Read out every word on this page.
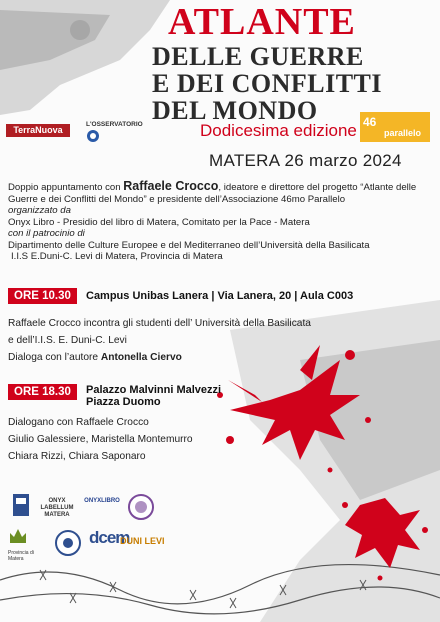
ATLANTE
DELLE GUERRE
E DEI CONFLITTI
DEL MONDO
Dodicesima edizione
TerraNuova
L'OSSERVATORIO	46
parallelo
MATERA 26 marzo 2024

Doppio appuntamento con Raffaele Crocco, ideatore e direttore del progetto “Atlante delle

Guerre e dei Conflitti del Mondo” e presidente dell’Associazione 46mo Parallelo

organizzato da

Onyx Libro - Presidio del libro di Matera, Comitato per la Pace - Matera

con il patrocinio di

Dipartimento delle Culture Europee e del Mediterraneo dell’Università della Basilicata

I.I.S E.Duni-C. Levi di Matera, Provincia di Matera

ORE 10.30	Campus Unibas Lanera | Via Lanera, 20 | Aula C003
Raffaele Crocco incontra gli studenti dell’ Università della Basilicata
e dell’I.I.S. E. Duni-C. Levi
Dialoga con l’autore Antonella Ciervo
ORE 18.30	Palazzo Malvinni Malvezzi
Piazza Duomo
Dialogano con Raffaele Crocco
Giulio Galessiere, Maristella Montemurro
Chiara Rizzi, Chiara Saponaro
ONYX LABELLUM MATERA
ONYXLIBRO
Provincia di Matera
dcem
DUNI LEVI
